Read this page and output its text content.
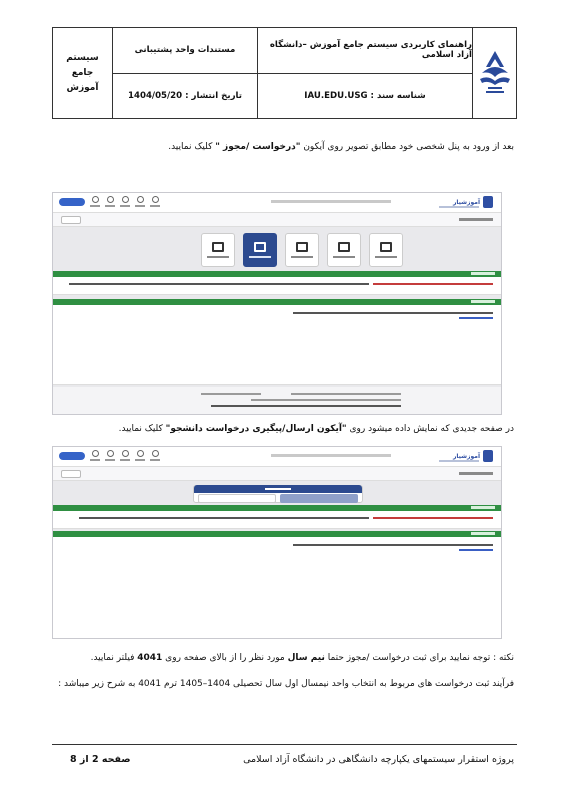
راهنمای کاربردی سیستم جامع آموزش –دانشگاه آزاد اسلامی
شناسه سند : IAU.EDU.USG
مستندات واحد پشتیبانی
تاریخ انتشار : 1404/05/20
سیستم جامع آموزش
بعد از ورود به پنل شخصی خود مطابق تصویر روی آیکون "درخواست /مجوز " کلیک نمایید.
آموزشیار
در صفحه جدیدی که نمایش داده میشود روی "آیکون ارسال/پیگیری درخواست دانشجو" کلیک نمایید.
آموزشیار
نکته : توجه نمایید برای ثبت درخواست /مجوز حتما نیم سال مورد نظر را از بالای صفحه روی 4041 فیلتر نمایید.
فرآیند ثبت درخواست های مربوط به انتخاب واحد نیمسال اول سال تحصیلی 1404–1405 ترم 4041 به شرح زیر میباشد :
پروژه استقرار سیستمهای یکپارچه دانشگاهی در دانشگاه آزاد اسلامی
صفحه 2 از 8
